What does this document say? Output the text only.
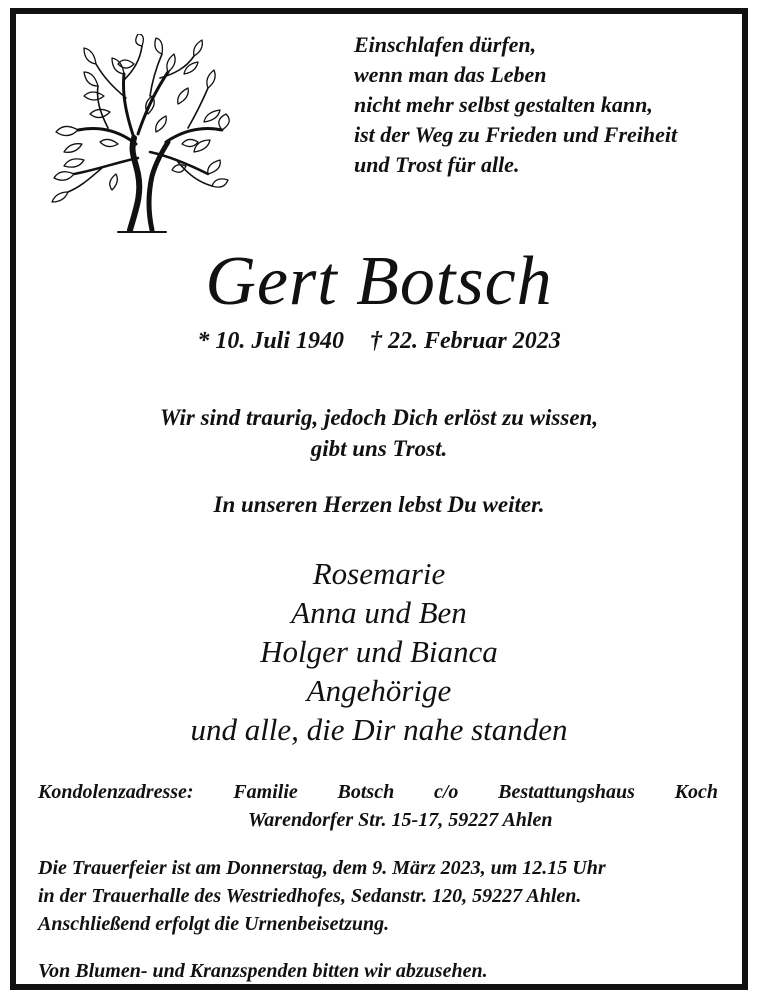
Einschlafen dürfen,
wenn man das Leben
nicht mehr selbst gestalten kann,
ist der Weg zu Frieden und Freiheit
und Trost für alle.
Gert Botsch
* 10. Juli 1940 † 22. Februar 2023
Wir sind traurig, jedoch Dich erlöst zu wissen,
gibt uns Trost.
In unseren Herzen lebst Du weiter.
Rosemarie
Anna und Ben
Holger und Bianca
Angehörige
und alle, die Dir nahe standen
Kondolenzadresse: Familie Botsch c/o Bestattungshaus Koch
Warendorfer Str. 15-17, 59227 Ahlen
Die Trauerfeier ist am Donnerstag, dem 9. März 2023, um 12.15 Uhr
in der Trauerhalle des Westriedhofes, Sedanstr. 120, 59227 Ahlen.
Anschließend erfolgt die Urnenbeisetzung.
Von Blumen- und Kranzspenden bitten wir abzusehen.
